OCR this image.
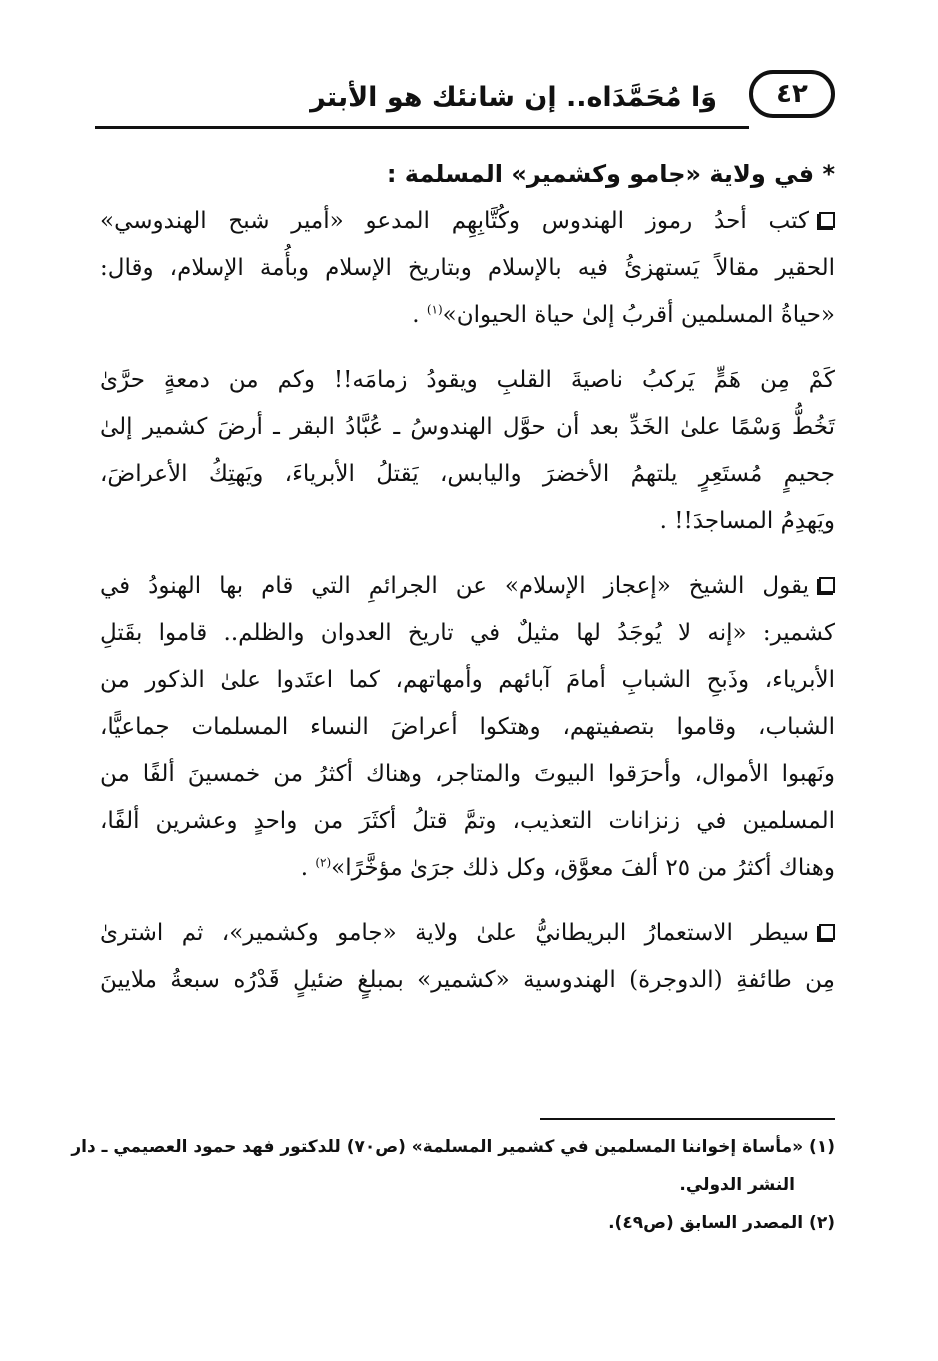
٤٢
وَا مُحَمَّدَاه.. إن شانئك هو الأبتر
* في ولاية «جامو وكشمير» المسلمة :
كتب أحدُ رموز الهندوس وكُتَّابِهِم المدعو «أمير شبح الهندوسي»
الحقير مقالاً يَستهزئُ فيه بالإسلام وبتاريخ الإسلام وبأُمة الإسلام، وقال:
«حياةُ المسلمين أقربُ إلىٰ حياة الحيوان»$^{(١)}$ .
كَمْ مِن هَمٍّ يَركبُ ناصيةَ القلبِ ويقودُ زمامَه!! وكم من دمعةٍ حرَّىٰ
تَخُطُّ وَسْمًا علىٰ الخَدِّ بعد أن حوَّل الهندوسُ ـ عُبَّادُ البقر ـ أرضَ كشمير إلىٰ
جحيمٍ مُستَعِرٍ يلتهمُ الأخضرَ واليابس، يَقتلُ الأبرياءَ، ويَهتِكُ الأعراضَ،
ويَهدِمُ المساجدَ!! .
يقول الشيخ «إعجاز الإسلام» عن الجرائمِ التي قام بها الهنودُ في
كشمير: «إنه لا يُوجَدُ لها مثيلٌ في تاريخ العدوان والظلم.. قاموا بقَتلِ
الأبرياء، وذَبحِ الشبابِ أمامَ آبائهم وأمهاتهم، كما اعتَدوا علىٰ الذكور من
الشباب، وقاموا بتصفيتهم، وهتكوا أعراضَ النساء المسلمات جماعيًّا،
ونَهبوا الأموال، وأحرَقوا البيوتَ والمتاجر، وهناك أكثرُ من خمسينَ ألفًا من
المسلمين في زنزانات التعذيب، وتمَّ قتلُ أكثَرَ من واحدٍ وعشرين ألفًا،
وهناك أكثرُ من ٢٥ ألفَ معوَّق، وكل ذلك جرَىٰ مؤخَّرًا»$^{(٢)}$ .
سيطر الاستعمارُ البريطانيُّ علىٰ ولاية «جامو وكشمير»، ثم اشترىٰ
مِن طائفةِ (الدوجرة) الهندوسية «كشمير» بمبلغٍ ضئيلٍ قَدْرُه سبعةُ ملايينَ
(١) «مأساة إخواننا المسلمين في كشمير المسلمة» (ص٧٠) للدكتور فهد حمود العصيمي ـ دار
النشر الدولي.
(٢) المصدر السابق (ص٤٩).
